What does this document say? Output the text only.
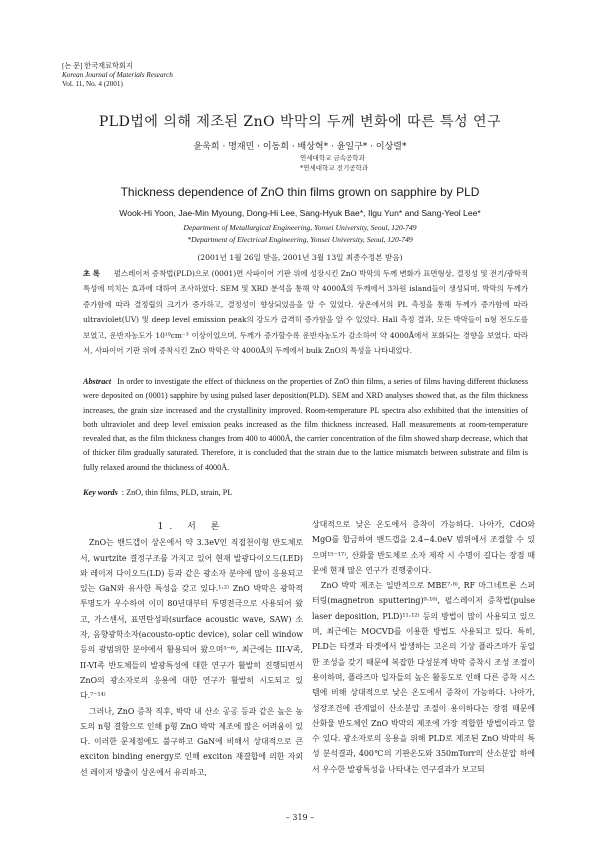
[논 문] 한국재료학회지
Korean Journal of Materials Research
Vol. 11, No. 4 (2001)
PLD법에 의해 제조된 ZnO 박막의 두께 변화에 따른 특성 연구
윤욱희 · 명재민 · 이동희 · 배상혁* · 윤일구* · 이상렬*
연세대학교 금속공학과
*연세대학교 전기공학과
Thickness dependence of ZnO thin films grown on sapphire by PLD
Wook-Hi Yoon, Jae-Min Myoung, Dong-Hi Lee, Sang-Hyuk Bae*, Ilgu Yun* and Sang-Yeol Lee*
Department of Metallurgical Engineering, Yonsei University, Seoul, 120-749
*Department of Electrical Engineering, Yonsei University, Seoul, 120-749
(2001년 1월 26일 받음, 2001년 3월 13일 최종수정본 받음)
초 록 펄스레이저 증착법(PLD)으로 (0001)면 사파이어 기판 위에 성장시킨 ZnO 박막의 두께 변화가 표면형상, 결정성 및 전기/광학적 특성에 미치는 효과에 대하여 조사하였다. SEM 및 XRD 분석을 통해 약 4000Å의 두께에서 3차원 island들이 생성되며, 박막의 두께가 증가함에 따라 결정립의 크기가 증가하고, 결정성이 향상되었음을 알 수 있었다. 상온에서의 PL 측정을 통해 두께가 증가함에 따라 ultraviolet(UV) 및 deep level emission peak의 강도가 급격히 증가함을 알 수 있었다. Hall 측정 결과, 모든 박막들이 n형 전도도를 보였고, 운반자농도가 10¹⁹cm⁻³ 이상이었으며, 두께가 증가할수록 운반자농도가 감소하여 약 4000Å에서 포화되는 경향을 보였다. 따라서, 사파이어 기판 위에 증착시킨 ZnO 박막은 약 4000Å의 두께에서 bulk ZnO의 특성을 나타내었다.
Abstract In order to investigate the effect of thickness on the properties of ZnO thin films, a series of films having different thickness were deposited on (0001) sapphire by using pulsed laser deposition(PLD). SEM and XRD analyses showed that, as the film thickness increases, the grain size increased and the crystallinity improved. Room-temperature PL spectra also exhibited that the intensities of both ultraviolet and deep level emission peaks increased as the film thickness increased. Hall measurements at room-temperature revealed that, as the film thickness changes from 400 to 4000Å, the carrier concentration of the film showed sharp decrease, which that of thicker film gradually saturated. Therefore, it is concluded that the strain due to the lattice mismatch between substrate and film is fully relaxed around the thickness of 4000Å.
Key words : ZnO, thin films, PLD, strain, PL

1. 서 론

ZnO는 밴드갭이 상온에서 약 3.3eV인 직접천이형 반도체로서, wurtzite 결정구조를 가지고 있어 현재 발광다이오드(LED)와 레이저 다이오드(LD) 등과 같은 광소자 분야에 많이 응용되고 있는 GaN와 유사한 특성을 갖고 있다.¹·²⁾ ZnO 박막은 광학적 투명도가 우수하여 이미 80년대부터 투명전극으로 사용되어 왔고, 가스센서, 표면탄성파(surface acoustic wave, SAW) 소자, 음향광학소자(acousto-optic device), solar cell window 등의 광범위한 분야에서 활용되어 왔으며³⁻⁶⁾, 최근에는 III-V족, II-VI족 반도체들의 발광특성에 대한 연구가 활발히 진행되면서 ZnO의 광소자로의 응용에 대한 연구가 활발히 시도되고 있다.⁷⁻¹⁴⁾

그러나, ZnO 증착 직후, 박막 내 산소 공공 등과 같은 높은 농도의 n형 결함으로 인해 p형 ZnO 박막 제조에 많은 어려움이 있다. 이러한 문제점에도 불구하고 GaN에 비해서 상대적으로 큰 exciton binding energy로 인해 exciton 재결합에 의한 자외선 레이저 방출이 상온에서 유리하고,

상대적으로 낮은 온도에서 증착이 가능하다. 나아가, CdO와 MgO를 합금하여 밴드갭을 2.4~4.0eV 범위에서 조절할 수 있으며¹⁵⁻¹⁷⁾, 산화물 반도체로 소자 제작 시 수명이 길다는 장점 때문에 현재 많은 연구가 진행중이다.

ZnO 박막 제조는 일반적으로 MBE⁷·⁸⁾, RF 마그네트론 스퍼터링(magnetron sputtering)⁹·¹⁰⁾, 펄스레이저 증착법(pulse laser deposition, PLD)¹¹·¹²⁾ 등의 방법이 많이 사용되고 있으며, 최근에는 MOCVD를 이용한 방법도 사용되고 있다. 특히, PLD는 타겟과 타겟에서 발생하는 고온의 기상 플라즈마가 동일한 조성을 갖기 때문에 복잡한 다성분계 박막 증착시 조성 조절이 용이하며, 플라즈마 입자들의 높은 활동도로 인해 다른 증착 시스템에 비해 상대적으로 낮은 온도에서 증착이 가능하다. 나아가, 성장조건에 관계없이 산소분압 조절이 용이하다는 장점 때문에 산화물 반도체인 ZnO 박막의 제조에 가장 적합한 방법이라고 할 수 있다. 광소자로의 응용을 위해 PLD로 제조된 ZnO 박막의 특성 분석결과, 400℃의 기판온도와 350mTorr의 산소분압 하에서 우수한 발광특성을 나타내는 연구결과가 보고되

– 319 –
